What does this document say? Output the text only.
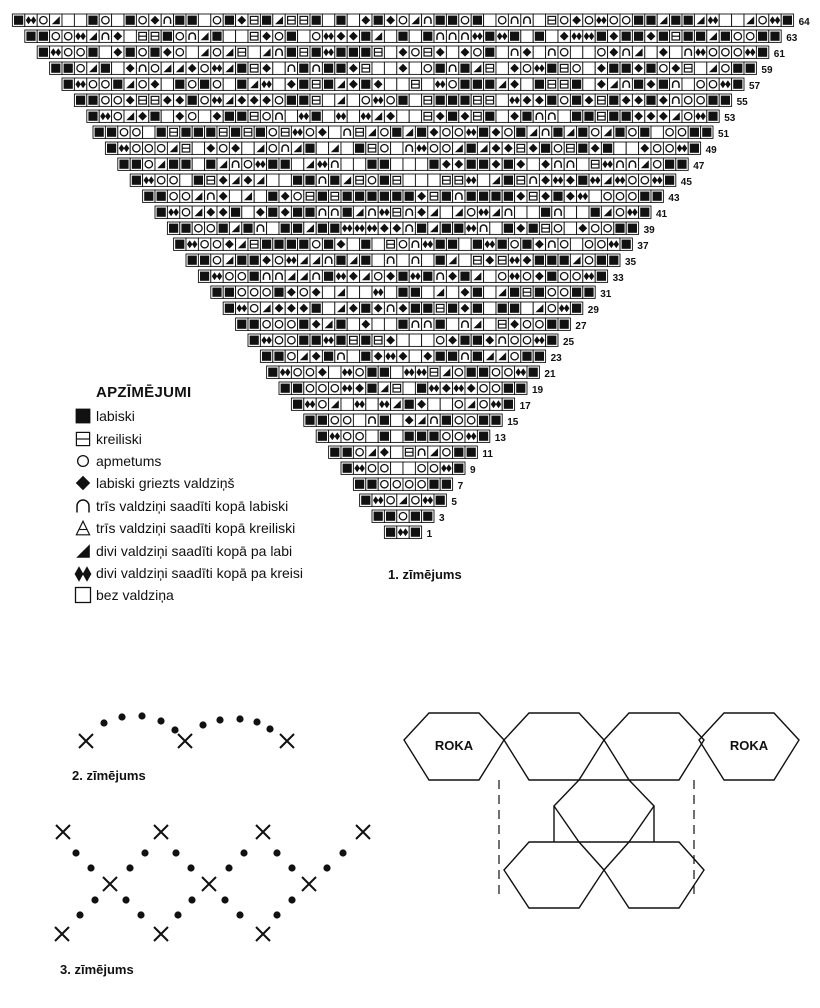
64
63
61
59
57
55
53
51
49
47
45
43
41
39
37
35
33
31
29
27
25
23
21
19
17
15
13
11
9
7
5
3
1
APZĪMĒJUMI
labiski
kreiliski
apmetums
labiski griezts valdziņš
trīs valdziņi saadīti kopā labiski
trīs valdziņi saadīti kopā kreiliski
divi valdziņi saadīti kopā pa labi
divi valdziņi saadīti kopā pa kreisi
bez valdziņa
1. zīmējums
2. zīmējums
3. zīmējums
ROKA	ROKA
